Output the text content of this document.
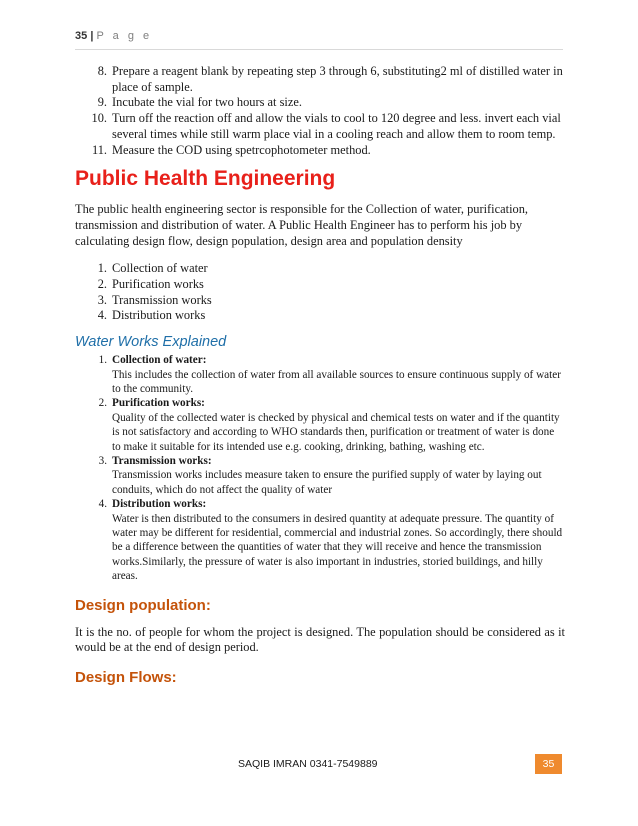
35 | P a g e
8. Prepare a reagent blank by repeating step 3 through 6, substituting2 ml of distilled water in place of sample.
9. Incubate the vial for two hours at size.
10. Turn off the reaction off and allow the vials to cool to 120 degree and less. invert each vial several times while still warm place vial in a cooling reach and allow them to room temp.
11. Measure the COD using spetrcophotometer method.
Public Health Engineering

The public health engineering sector is responsible for the Collection of water, purification, transmission and distribution of water. A Public Health Engineer has to perform his job by calculating design flow, design population, design area and population density

1. Collection of water
2. Purification works
3. Transmission works
4. Distribution works
Water Works Explained
1. Collection of water:
This includes the collection of water from all available sources to ensure continuous supply of water to the community.
2. Purification works:
Quality of the collected water is checked by physical and chemical tests on water and if the quantity is not satisfactory and according to WHO standards then, purification or treatment of water is done to make it suitable for its intended use e.g. cooking, drinking, bathing, washing etc.
3. Transmission works:
Transmission works includes measure taken to ensure the purified supply of water by laying out conduits, which do not affect the quality of water
4. Distribution works:
Water is then distributed to the consumers in desired quantity at adequate pressure. The quantity of water may be different for residential, commercial and industrial zones. So accordingly, there should be a difference between the quantities of water that they will receive and hence the transmission works.Similarly, the pressure of water is also important in industries, storied buildings, and hilly areas.
Design population:

It is the no. of people for whom the project is designed. The population should be considered as it would be at the end of design period.

Design Flows:
SAQIB IMRAN 0341-7549889	35
